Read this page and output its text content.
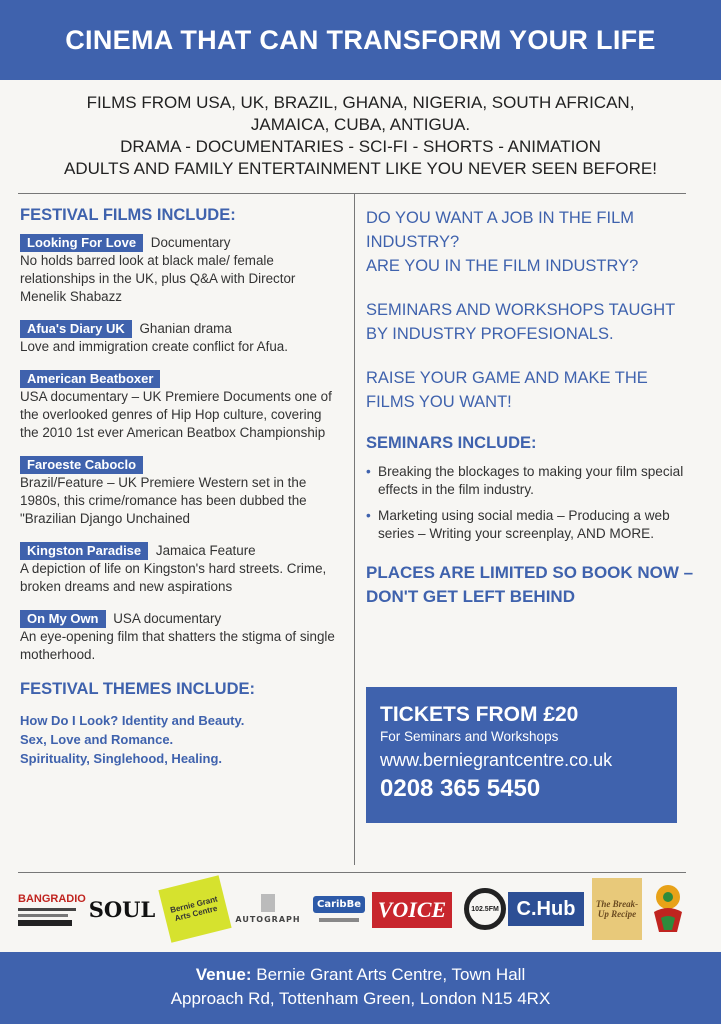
CINEMA THAT CAN TRANSFORM YOUR LIFE
FILMS FROM USA, UK, BRAZIL, GHANA, NIGERIA, SOUTH AFRICAN,
JAMAICA, CUBA, ANTIGUA.
DRAMA - DOCUMENTARIES - SCI-FI - SHORTS - ANIMATION
ADULTS AND FAMILY ENTERTAINMENT LIKE YOU NEVER SEEN BEFORE!
FESTIVAL FILMS INCLUDE:
Looking For Love Documentary
No holds barred look at black male/ female relationships in the UK, plus Q&A with Director Menelik Shabazz
Afua's Diary UK Ghanian drama
Love and immigration create conflict for Afua.
American Beatboxer
USA documentary – UK Premiere Documents one of the overlooked genres of Hip Hop culture, covering the 2010 1st ever American Beatbox Championship
Faroeste Caboclo
Brazil/Feature – UK Premiere Western set in the 1980s, this crime/romance has been dubbed the "Brazilian Django Unchained
Kingston Paradise Jamaica Feature
A depiction of life on Kingston's hard streets. Crime, broken dreams and new aspirations
On My Own USA documentary
An eye-opening film that shatters the stigma of single motherhood.
FESTIVAL THEMES INCLUDE:
How Do I Look? Identity and Beauty.
Sex, Love and Romance.
Spirituality, Singlehood, Healing.
DO YOU WANT A JOB IN THE FILM INDUSTRY?
ARE YOU IN THE FILM INDUSTRY?
SEMINARS AND WORKSHOPS TAUGHT BY INDUSTRY PROFESIONALS.
RAISE YOUR GAME AND MAKE THE FILMS YOU WANT!
SEMINARS INCLUDE:
• Breaking the blockages to making your film special effects in the film industry.
• Marketing using social media – Producing a web series – Writing your screenplay, AND MORE.
PLACES ARE LIMITED SO BOOK NOW – DON'T GET LEFT BEHIND
TICKETS FROM £20
For Seminars and Workshops
www.berniegrantcentre.co.uk
0208 365 5450
BANGRADIO SOUL	Bernie Grant Arts Centre	AUTOGRAPH
CaribBe VOICE	102.5FM C.Hub	The Break-Up Recipe
Venue: Bernie Grant Arts Centre, Town Hall
Approach Rd, Tottenham Green, London N15 4RX
